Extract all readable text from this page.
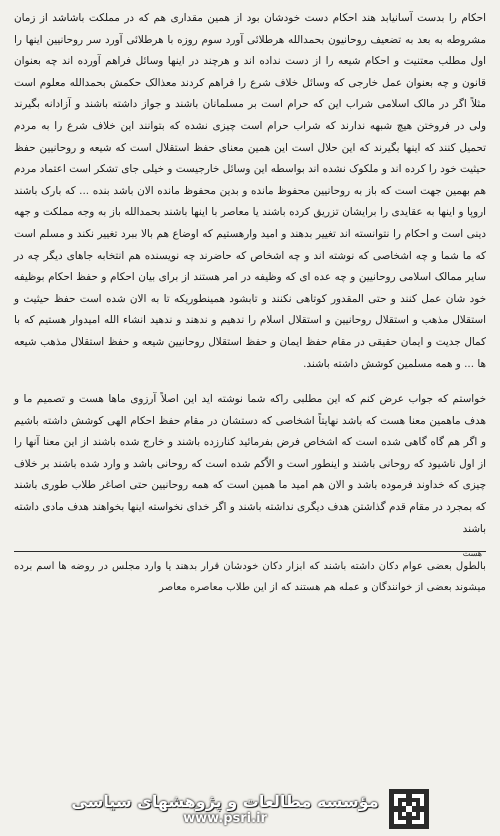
احکام را بدست آسانیابد هند احکام دست خودشان بود از همین مقداری هم که در مملکت باشاشد از زمان مشروطه به بعد به تضعیف روحانیون بحمدالله هرطلائی آورد سوم روزه با هرطلائی آورد سر روحانیین اینها را اول مطلب معتنیت و احکام شیعه را از دست نداده اند و هرچند در اینها وسائل فراهم آورده اند چه بعنوان قانون و چه بعنوان عمل خارجی که وسائل خلاف شرع را فراهم کردند معذالک حکمش بحمدالله معلوم است مثلاً اگر در مالک اسلامی شراب این که حرام است بر مسلمانان باشند و جواز داشته باشند و آزادانه بگیرند ولی در فروختن هیچ شبهه ندارند که شراب حرام است چیزی نشده که بتوانند این خلاف شرع را به مردم تحمیل کنند که اینها بگیرند که این حلال است این همین معنای حفظ استقلال است که شیعه و روحانیین حفظ حیثیت خود را کرده اند و ملکوک نشده اند بواسطه این وسائل خارجیست و خیلی جای تشکر است اعتماد مردم هم بهمین جهت است که باز به روحانیین محفوظ مانده و بدین محفوظ مانده الان باشد بنده ... که بارک باشند اروپا و اینها به عقایدی را برایشان تزریق کرده باشند یا معاصر با اینها باشند بحمدالله باز به وجه مملکت و جهه دینی است و احکام را نتوانسته اند تغییر بدهند و امید وارهستیم که اوضاع هم بالا ببرد تغییر نکند و مسلم است که ما شما و چه اشخاصی که نوشته اند و چه اشخاص که حاضرند چه نویسنده هم انتخابه جاهای دیگر چه در سایر ممالک اسلامی روحانیین و چه عده ای که وظیفه در امر هستند از برای بیان احکام و حفظ احکام بوظیفه خود شان عمل کنند و حتی المقدور کوتاهی نکنند و تابشود همینطوریکه تا به الان شده است حفظ حیثیت و استقلال مذهب و استقلال روحانیین و استقلال اسلام را ندهیم و ندهند و ندهید انشاء الله امیدوار هستیم که با کمال جدیت و ایمان حقیقی در مقام حفظ ایمان و حفظ استقلال روحانیین شیعه و حفظ استقلال مذهب شیعه ها ... و همه مسلمین کوشش داشته باشند.

خواستم که جواب عرض کنم که این مطلبی راکه شما نوشته اید این اصلاً آرزوی ماها هست و تصمیم ما و هدف ماهمین معنا هست که باشد نهایتاً اشخاصی که دستشان در مقام حفظ احکام الهی کوشش داشته باشیم و اگر هم گاه گاهی شده است که اشخاص فرض بفرمائید کنارزده باشند و خارج شده باشند از این معنا آنها را از اول ناشیود که روحانی باشند و اینطور است و الاّکم شده است که روحانی باشد و وارد شده باشند بر خلاف چیزی که خداوند فرموده باشد و الان هم امید ما همین است که همه روحانیین حتی اصاغر طلاب طوری باشند که بمجرد در مقام قدم گذاشتن هدف دیگری نداشته باشند و اگر خدای نخواسته اینها بخواهند هدف مادی داشته باشند

هست

بالطول بعضی عوام دکان داشته باشند که ابزار دکان خودشان قرار بدهند یا وارد مجلس در روضه ها اسم برده میشوند بعضی از خوانندگان و عمله هم هستند که از این طلاب معاصره معاصر

مؤسسه مطالعات و پژوهشهای سیاسی
www.psri.ir
